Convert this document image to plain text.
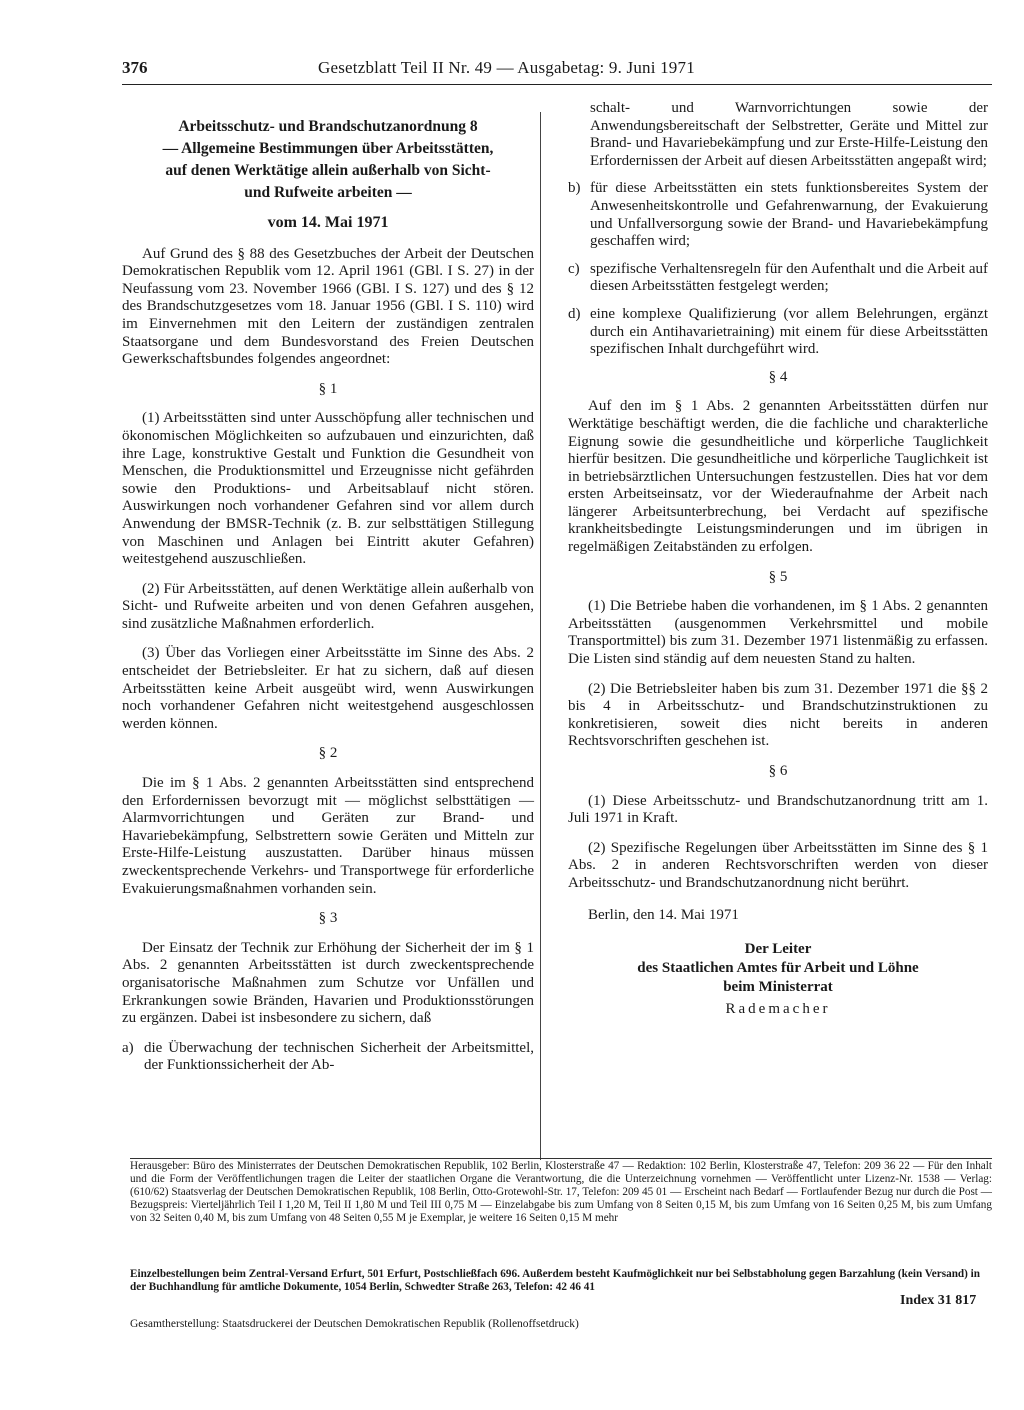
376	Gesetzblatt Teil II Nr. 49 — Ausgabetag: 9. Juni 1971
Arbeitsschutz- und Brandschutzanordnung 8
— Allgemeine Bestimmungen über Arbeitsstätten,
auf denen Werktätige allein außerhalb von Sicht-
und Rufweite arbeiten —
vom 14. Mai 1971

Auf Grund des § 88 des Gesetzbuches der Arbeit der Deutschen Demokratischen Republik vom 12. April 1961 (GBl. I S. 27) in der Neufassung vom 23. November 1966 (GBl. I S. 127) und des § 12 des Brandschutzgesetzes vom 18. Januar 1956 (GBl. I S. 110) wird im Einvernehmen mit den Leitern der zuständigen zentralen Staatsorgane und dem Bundesvorstand des Freien Deutschen Gewerkschaftsbundes folgendes angeordnet:

§ 1

(1) Arbeitsstätten sind unter Ausschöpfung aller technischen und ökonomischen Möglichkeiten so aufzubauen und einzurichten, daß ihre Lage, konstruktive Gestalt und Funktion die Gesundheit von Menschen, die Produktionsmittel und Erzeugnisse nicht gefährden sowie den Produktions- und Arbeitsablauf nicht stören. Auswirkungen noch vorhandener Gefahren sind vor allem durch Anwendung der BMSR-Technik (z. B. zur selbsttätigen Stillegung von Maschinen und Anlagen bei Eintritt akuter Gefahren) weitestgehend auszuschließen.

(2) Für Arbeitsstätten, auf denen Werktätige allein außerhalb von Sicht- und Rufweite arbeiten und von denen Gefahren ausgehen, sind zusätzliche Maßnahmen erforderlich.

(3) Über das Vorliegen einer Arbeitsstätte im Sinne des Abs. 2 entscheidet der Betriebsleiter. Er hat zu sichern, daß auf diesen Arbeitsstätten keine Arbeit ausgeübt wird, wenn Auswirkungen noch vorhandener Gefahren nicht weitestgehend ausgeschlossen werden können.

§ 2

Die im § 1 Abs. 2 genannten Arbeitsstätten sind entsprechend den Erfordernissen bevorzugt mit — möglichst selbsttätigen — Alarmvorrichtungen und Geräten zur Brand- und Havariebekämpfung, Selbstrettern sowie Geräten und Mitteln zur Erste-Hilfe-Leistung auszustatten. Darüber hinaus müssen zweckentsprechende Verkehrs- und Transportwege für erforderliche Evakuierungsmaßnahmen vorhanden sein.

§ 3

Der Einsatz der Technik zur Erhöhung der Sicherheit der im § 1 Abs. 2 genannten Arbeitsstätten ist durch zweckentsprechende organisatorische Maßnahmen zum Schutze vor Unfällen und Erkrankungen sowie Bränden, Havarien und Produktionsstörungen zu ergänzen. Dabei ist insbesondere zu sichern, daß

a) die Überwachung der technischen Sicherheit der Arbeitsmittel, der Funktionssicherheit der Ab-
schalt- und Warnvorrichtungen sowie der Anwendungsbereitschaft der Selbstretter, Geräte und Mittel zur Brand- und Havariebekämpfung und zur Erste-Hilfe-Leistung den Erfordernissen der Arbeit auf diesen Arbeitsstätten angepaßt wird;
b) für diese Arbeitsstätten ein stets funktionsbereites System der Anwesenheitskontrolle und Gefahrenwarnung, der Evakuierung und Unfallversorgung sowie der Brand- und Havariebekämpfung geschaffen wird;
c) spezifische Verhaltensregeln für den Aufenthalt und die Arbeit auf diesen Arbeitsstätten festgelegt werden;
d) eine komplexe Qualifizierung (vor allem Belehrungen, ergänzt durch ein Antihavarietraining) mit einem für diese Arbeitsstätten spezifischen Inhalt durchgeführt wird.
§ 4

Auf den im § 1 Abs. 2 genannten Arbeitsstätten dürfen nur Werktätige beschäftigt werden, die die fachliche und charakterliche Eignung sowie die gesundheitliche und körperliche Tauglichkeit hierfür besitzen. Die gesundheitliche und körperliche Tauglichkeit ist in betriebsärztlichen Untersuchungen festzustellen. Dies hat vor dem ersten Arbeitseinsatz, vor der Wiederaufnahme der Arbeit nach längerer Arbeitsunterbrechung, bei Verdacht auf spezifische krankheitsbedingte Leistungsminderungen und im übrigen in regelmäßigen Zeitabständen zu erfolgen.

§ 5

(1) Die Betriebe haben die vorhandenen, im § 1 Abs. 2 genannten Arbeitsstätten (ausgenommen Verkehrsmittel und mobile Transportmittel) bis zum 31. Dezember 1971 listenmäßig zu erfassen. Die Listen sind ständig auf dem neuesten Stand zu halten.

(2) Die Betriebsleiter haben bis zum 31. Dezember 1971 die §§ 2 bis 4 in Arbeitsschutz- und Brandschutzinstruktionen zu konkretisieren, soweit dies nicht bereits in anderen Rechtsvorschriften geschehen ist.

§ 6

(1) Diese Arbeitsschutz- und Brandschutzanordnung tritt am 1. Juli 1971 in Kraft.

(2) Spezifische Regelungen über Arbeitsstätten im Sinne des § 1 Abs. 2 in anderen Rechtsvorschriften werden von dieser Arbeitsschutz- und Brandschutzanordnung nicht berührt.

Berlin, den 14. Mai 1971
Der Leiter
des Staatlichen Amtes für Arbeit und Löhne
beim Ministerrat
Rademacher
Herausgeber: Büro des Ministerrates der Deutschen Demokratischen Republik, 102 Berlin, Klosterstraße 47 — Redaktion: 102 Berlin, Klosterstraße 47, Telefon: 209 36 22 — Für den Inhalt und die Form der Veröffentlichungen tragen die Leiter der staatlichen Organe die Verantwortung, die die Unterzeichnung vornehmen — Veröffentlicht unter Lizenz-Nr. 1538 — Verlag: (610/62) Staatsverlag der Deutschen Demokratischen Republik, 108 Berlin, Otto-Grotewohl-Str. 17, Telefon: 209 45 01 — Erscheint nach Bedarf — Fortlaufender Bezug nur durch die Post — Bezugspreis: Vierteljährlich Teil I 1,20 M, Teil II 1,80 M und Teil III 0,75 M — Einzelabgabe bis zum Umfang von 8 Seiten 0,15 M, bis zum Umfang von 16 Seiten 0,25 M, bis zum Umfang von 32 Seiten 0,40 M, bis zum Umfang von 48 Seiten 0,55 M je Exemplar, je weitere 16 Seiten 0,15 M mehr
Einzelbestellungen beim Zentral-Versand Erfurt, 501 Erfurt, Postschließfach 696. Außerdem besteht Kaufmöglichkeit nur bei Selbstabholung gegen Barzahlung (kein Versand) in der Buchhandlung für amtliche Dokumente, 1054 Berlin, Schwedter Straße 263, Telefon: 42 46 41
Index 31 817
Gesamtherstellung: Staatsdruckerei der Deutschen Demokratischen Republik (Rollenoffsetdruck)
